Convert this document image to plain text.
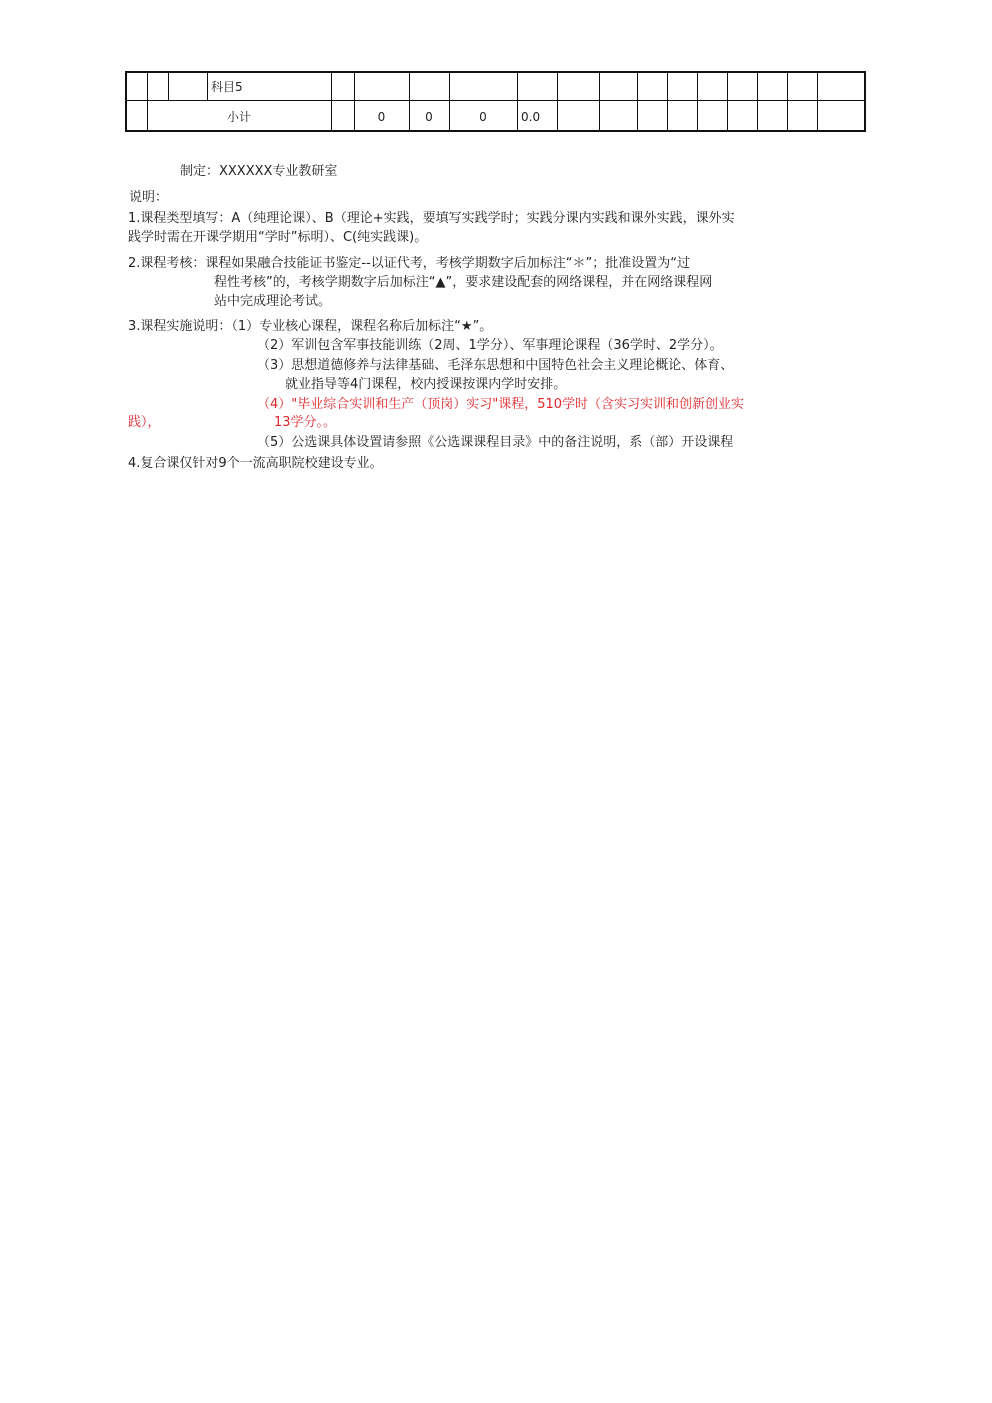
科目5
小计	0	0	0	0.0
制定：XXXXXX专业教研室
说明：
1.课程类型填写：A（纯理论课）、B（理论+实践，要填写实践学时；实践分课内实践和课外实践，课外实
践学时需在开课学期用“学时”标明）、C(纯实践课)。
2.课程考核：课程如果融合技能证书鉴定--以证代考，考核学期数字后加标注“＊”；批准设置为“过
程性考核”的，考核学期数字后加标注“▲”，要求建设配套的网络课程，并在网络课程网
站中完成理论考试。
3.课程实施说明：（1）专业核心课程，课程名称后加标注“★”。
（2）军训包含军事技能训练（2周、1学分）、军事理论课程（36学时、2学分）。
（3）思想道德修养与法律基础、毛泽东思想和中国特色社会主义理论概论、体育、
就业指导等4门课程，校内授课按课内学时安排。
（4）"毕业综合实训和生产（顶岗）实习"课程，510学时（含实习实训和创新创业实
践），	13学分。。
（5）公选课具体设置请参照《公选课课程目录》中的备注说明，系（部）开设课程
4.复合课仅针对9个一流高职院校建设专业。
